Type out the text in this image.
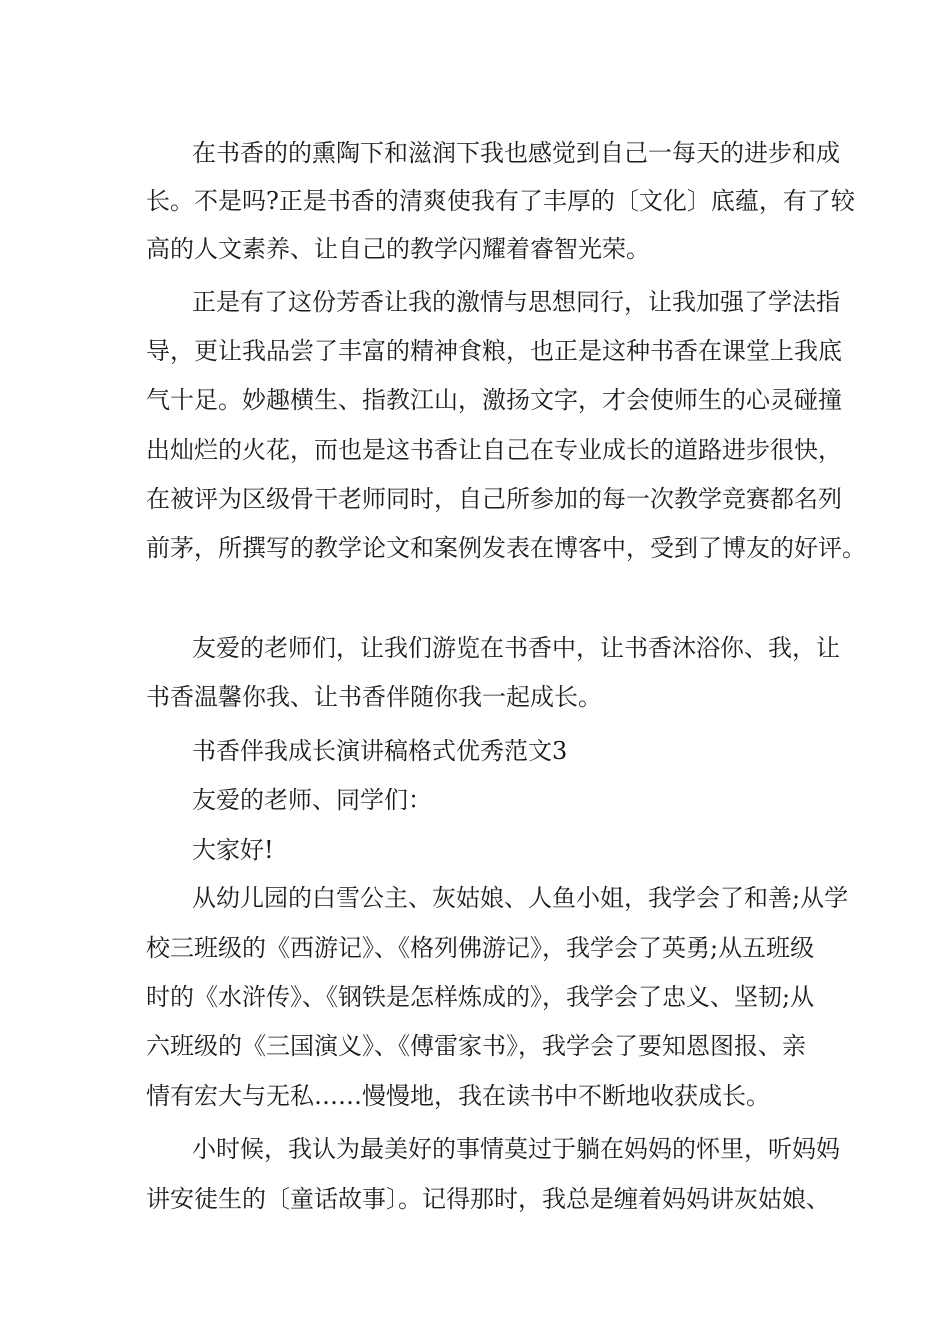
在书香的的熏陶下和滋润下我也感觉到自己一每天的进步和成
长。不是吗?正是书香的清爽使我有了丰厚的〔文化〕底蕴，有了较
高的人文素养、让自己的教学闪耀着睿智光荣。
正是有了这份芳香让我的激情与思想同行，让我加强了学法指
导，更让我品尝了丰富的精神食粮，也正是这种书香在课堂上我底
气十足。妙趣横生、指教江山，激扬文字，才会使师生的心灵碰撞
出灿烂的火花，而也是这书香让自己在专业成长的道路进步很快，
在被评为区级骨干老师同时，自己所参加的每一次教学竞赛都名列
前茅，所撰写的教学论文和案例发表在博客中，受到了博友的好评。
友爱的老师们，让我们游览在书香中，让书香沐浴你、我，让
书香温馨你我、让书香伴随你我一起成长。
书香伴我成长演讲稿格式优秀范文3
友爱的老师、同学们：
大家好!
从幼儿园的白雪公主、灰姑娘、人鱼小姐，我学会了和善;从学
校三班级的《西游记》、《格列佛游记》，我学会了英勇;从五班级
时的《水浒传》、《钢铁是怎样炼成的》，我学会了忠义、坚韧;从
六班级的《三国演义》、《傅雷家书》，我学会了要知恩图报、亲
情有宏大与无私……慢慢地，我在读书中不断地收获成长。
小时候，我认为最美好的事情莫过于躺在妈妈的怀里，听妈妈
讲安徒生的〔童话故事〕。记得那时，我总是缠着妈妈讲灰姑娘、
